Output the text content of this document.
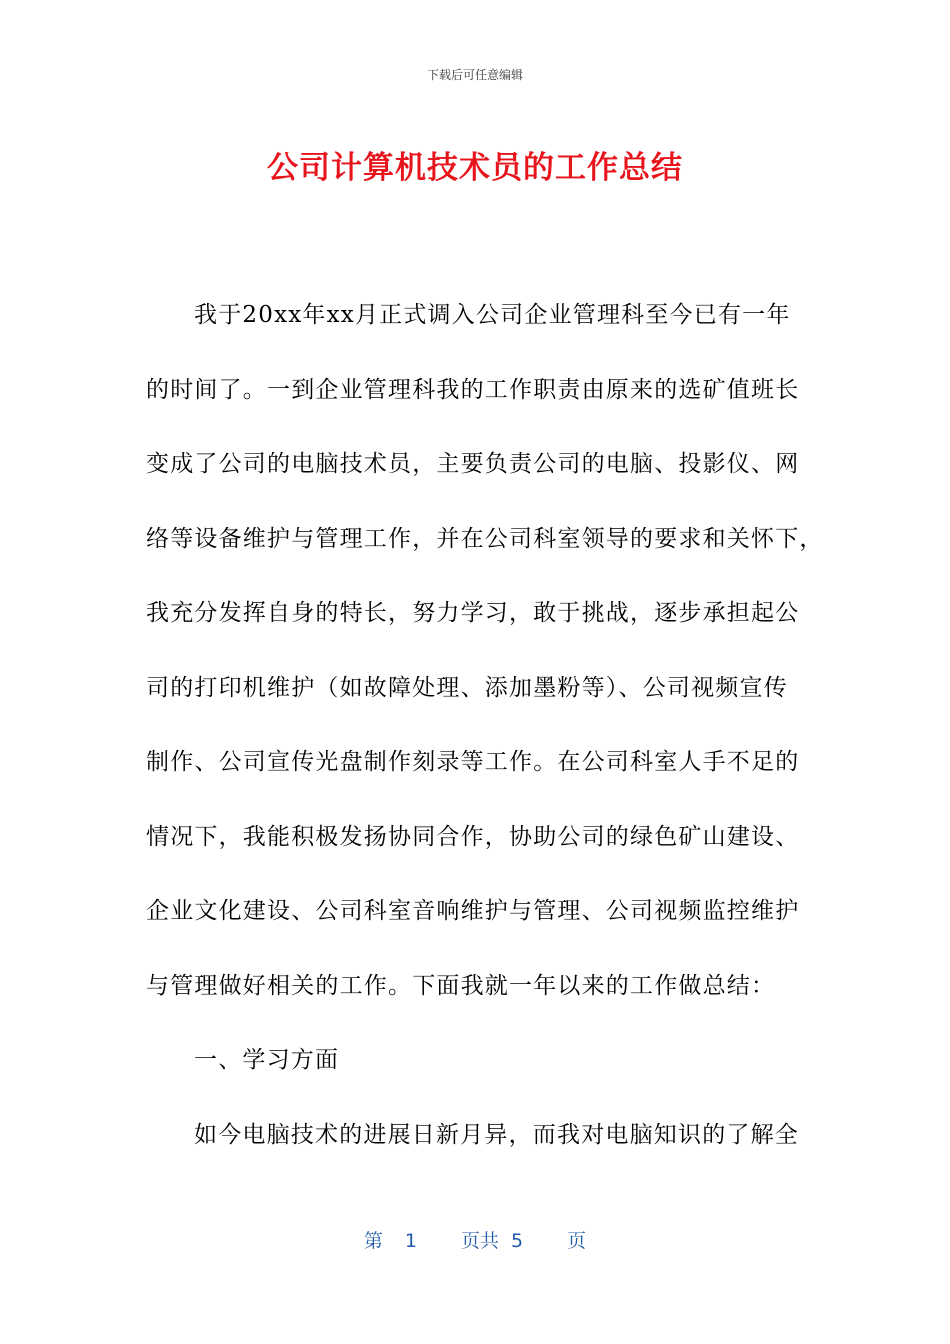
下载后可任意编辑
公司计算机技术员的工作总结
我于20xx年xx月正式调入公司企业管理科至今已有一年
的时间了。一到企业管理科我的工作职责由原来的选矿值班长
变成了公司的电脑技术员，主要负责公司的电脑、投影仪、网
络等设备维护与管理工作，并在公司科室领导的要求和关怀下，
我充分发挥自身的特长，努力学习，敢于挑战，逐步承担起公
司的打印机维护（如故障处理、添加墨粉等）、公司视频宣传
制作、公司宣传光盘制作刻录等工作。在公司科室人手不足的
情况下，我能积极发扬协同合作，协助公司的绿色矿山建设、
企业文化建设、公司科室音响维护与管理、公司视频监控维护
与管理做好相关的工作。下面我就一年以来的工作做总结：
一、学习方面
如今电脑技术的进展日新月异，而我对电脑知识的了解全
第 1 页共 5 页
